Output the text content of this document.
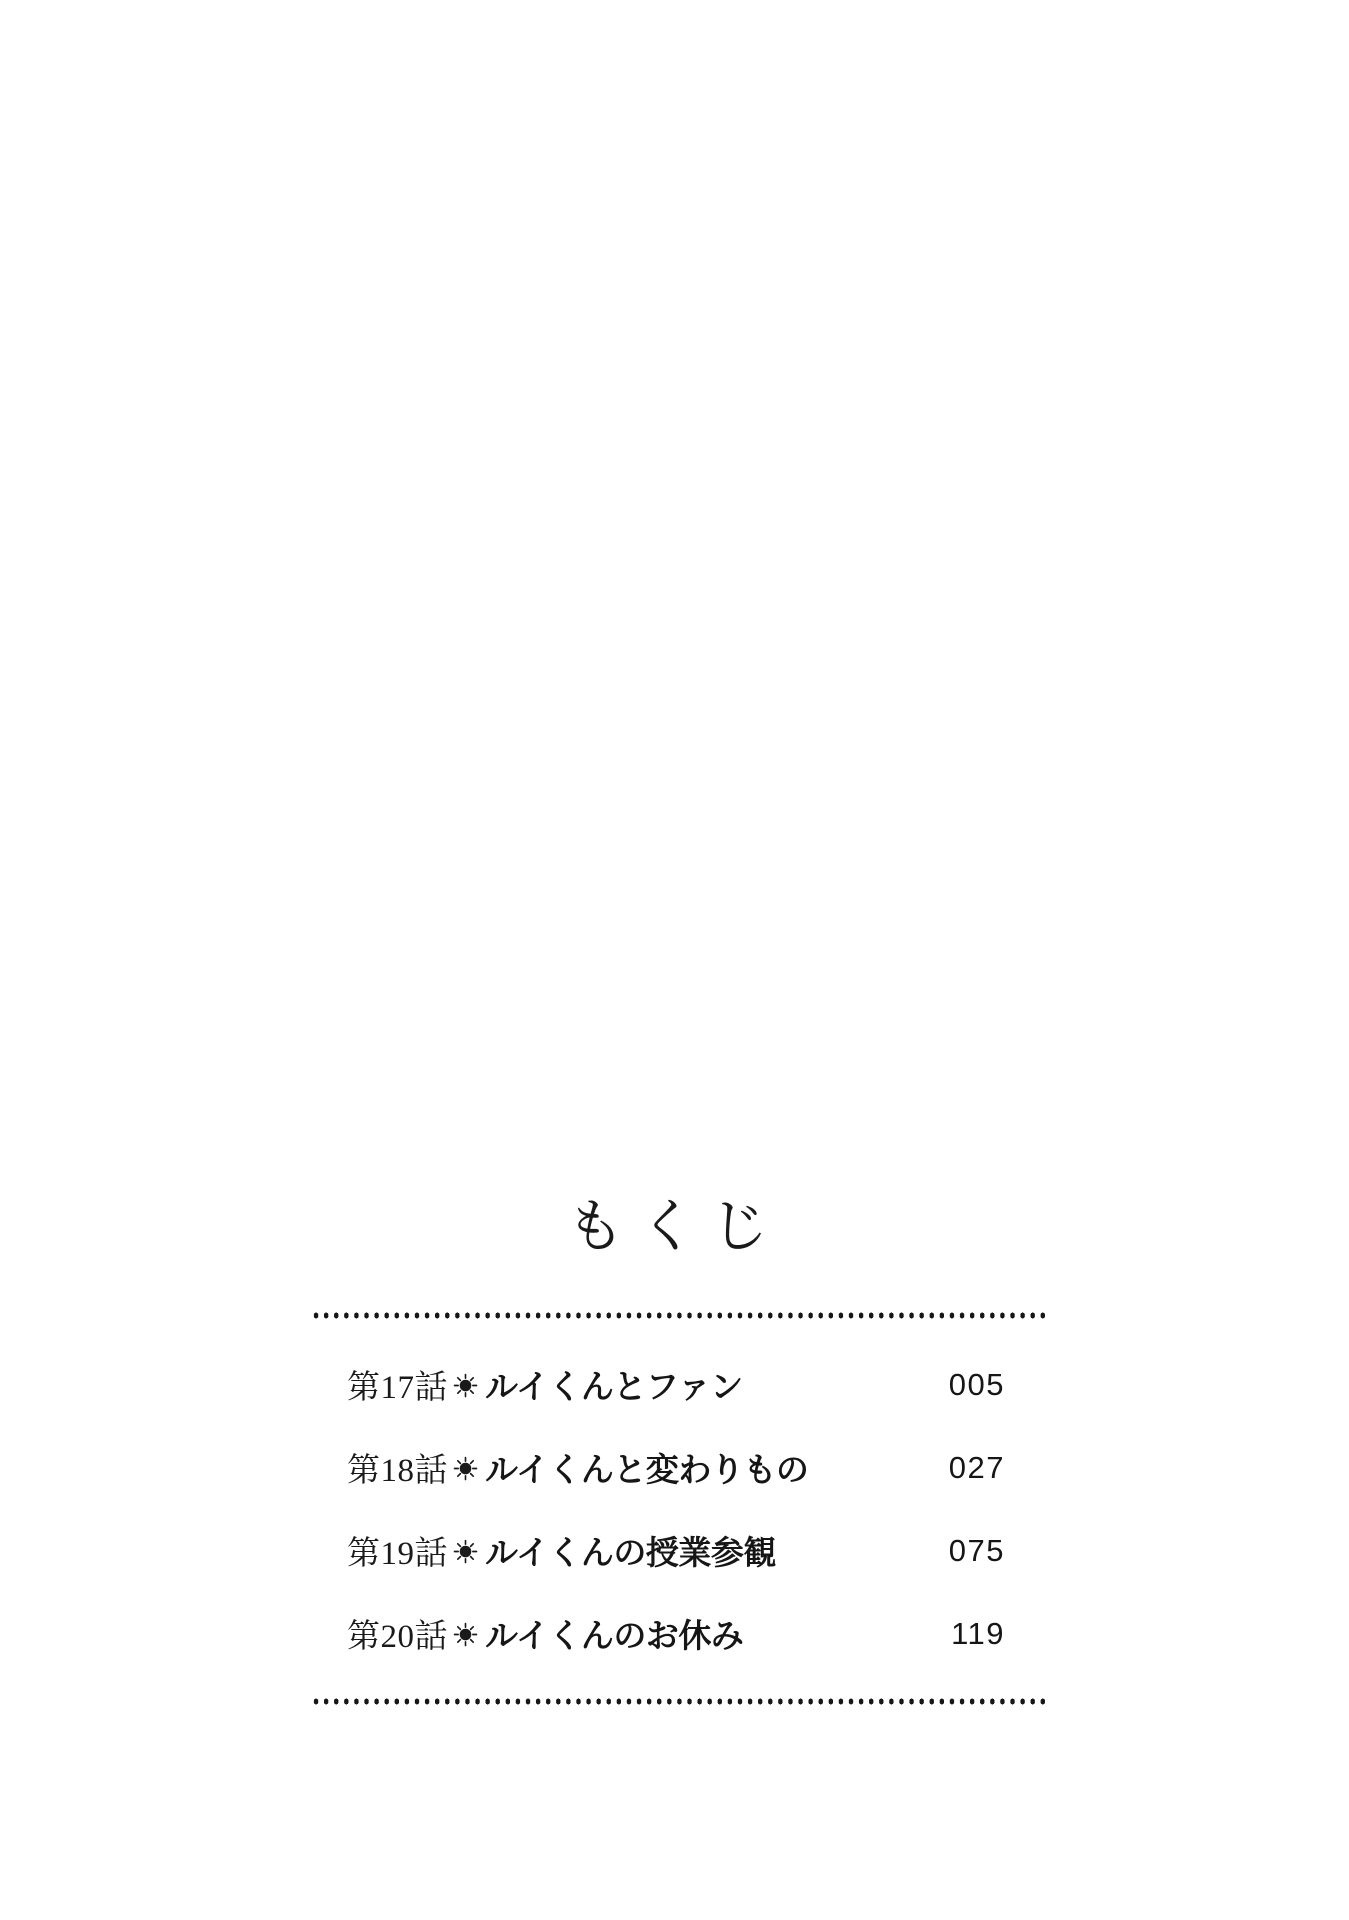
もくじ
第17話 ルイくんとファン	005
第18話 ルイくんと変わりもの	027
第19話 ルイくんの授業参観	075
第20話 ルイくんのお休み	119
